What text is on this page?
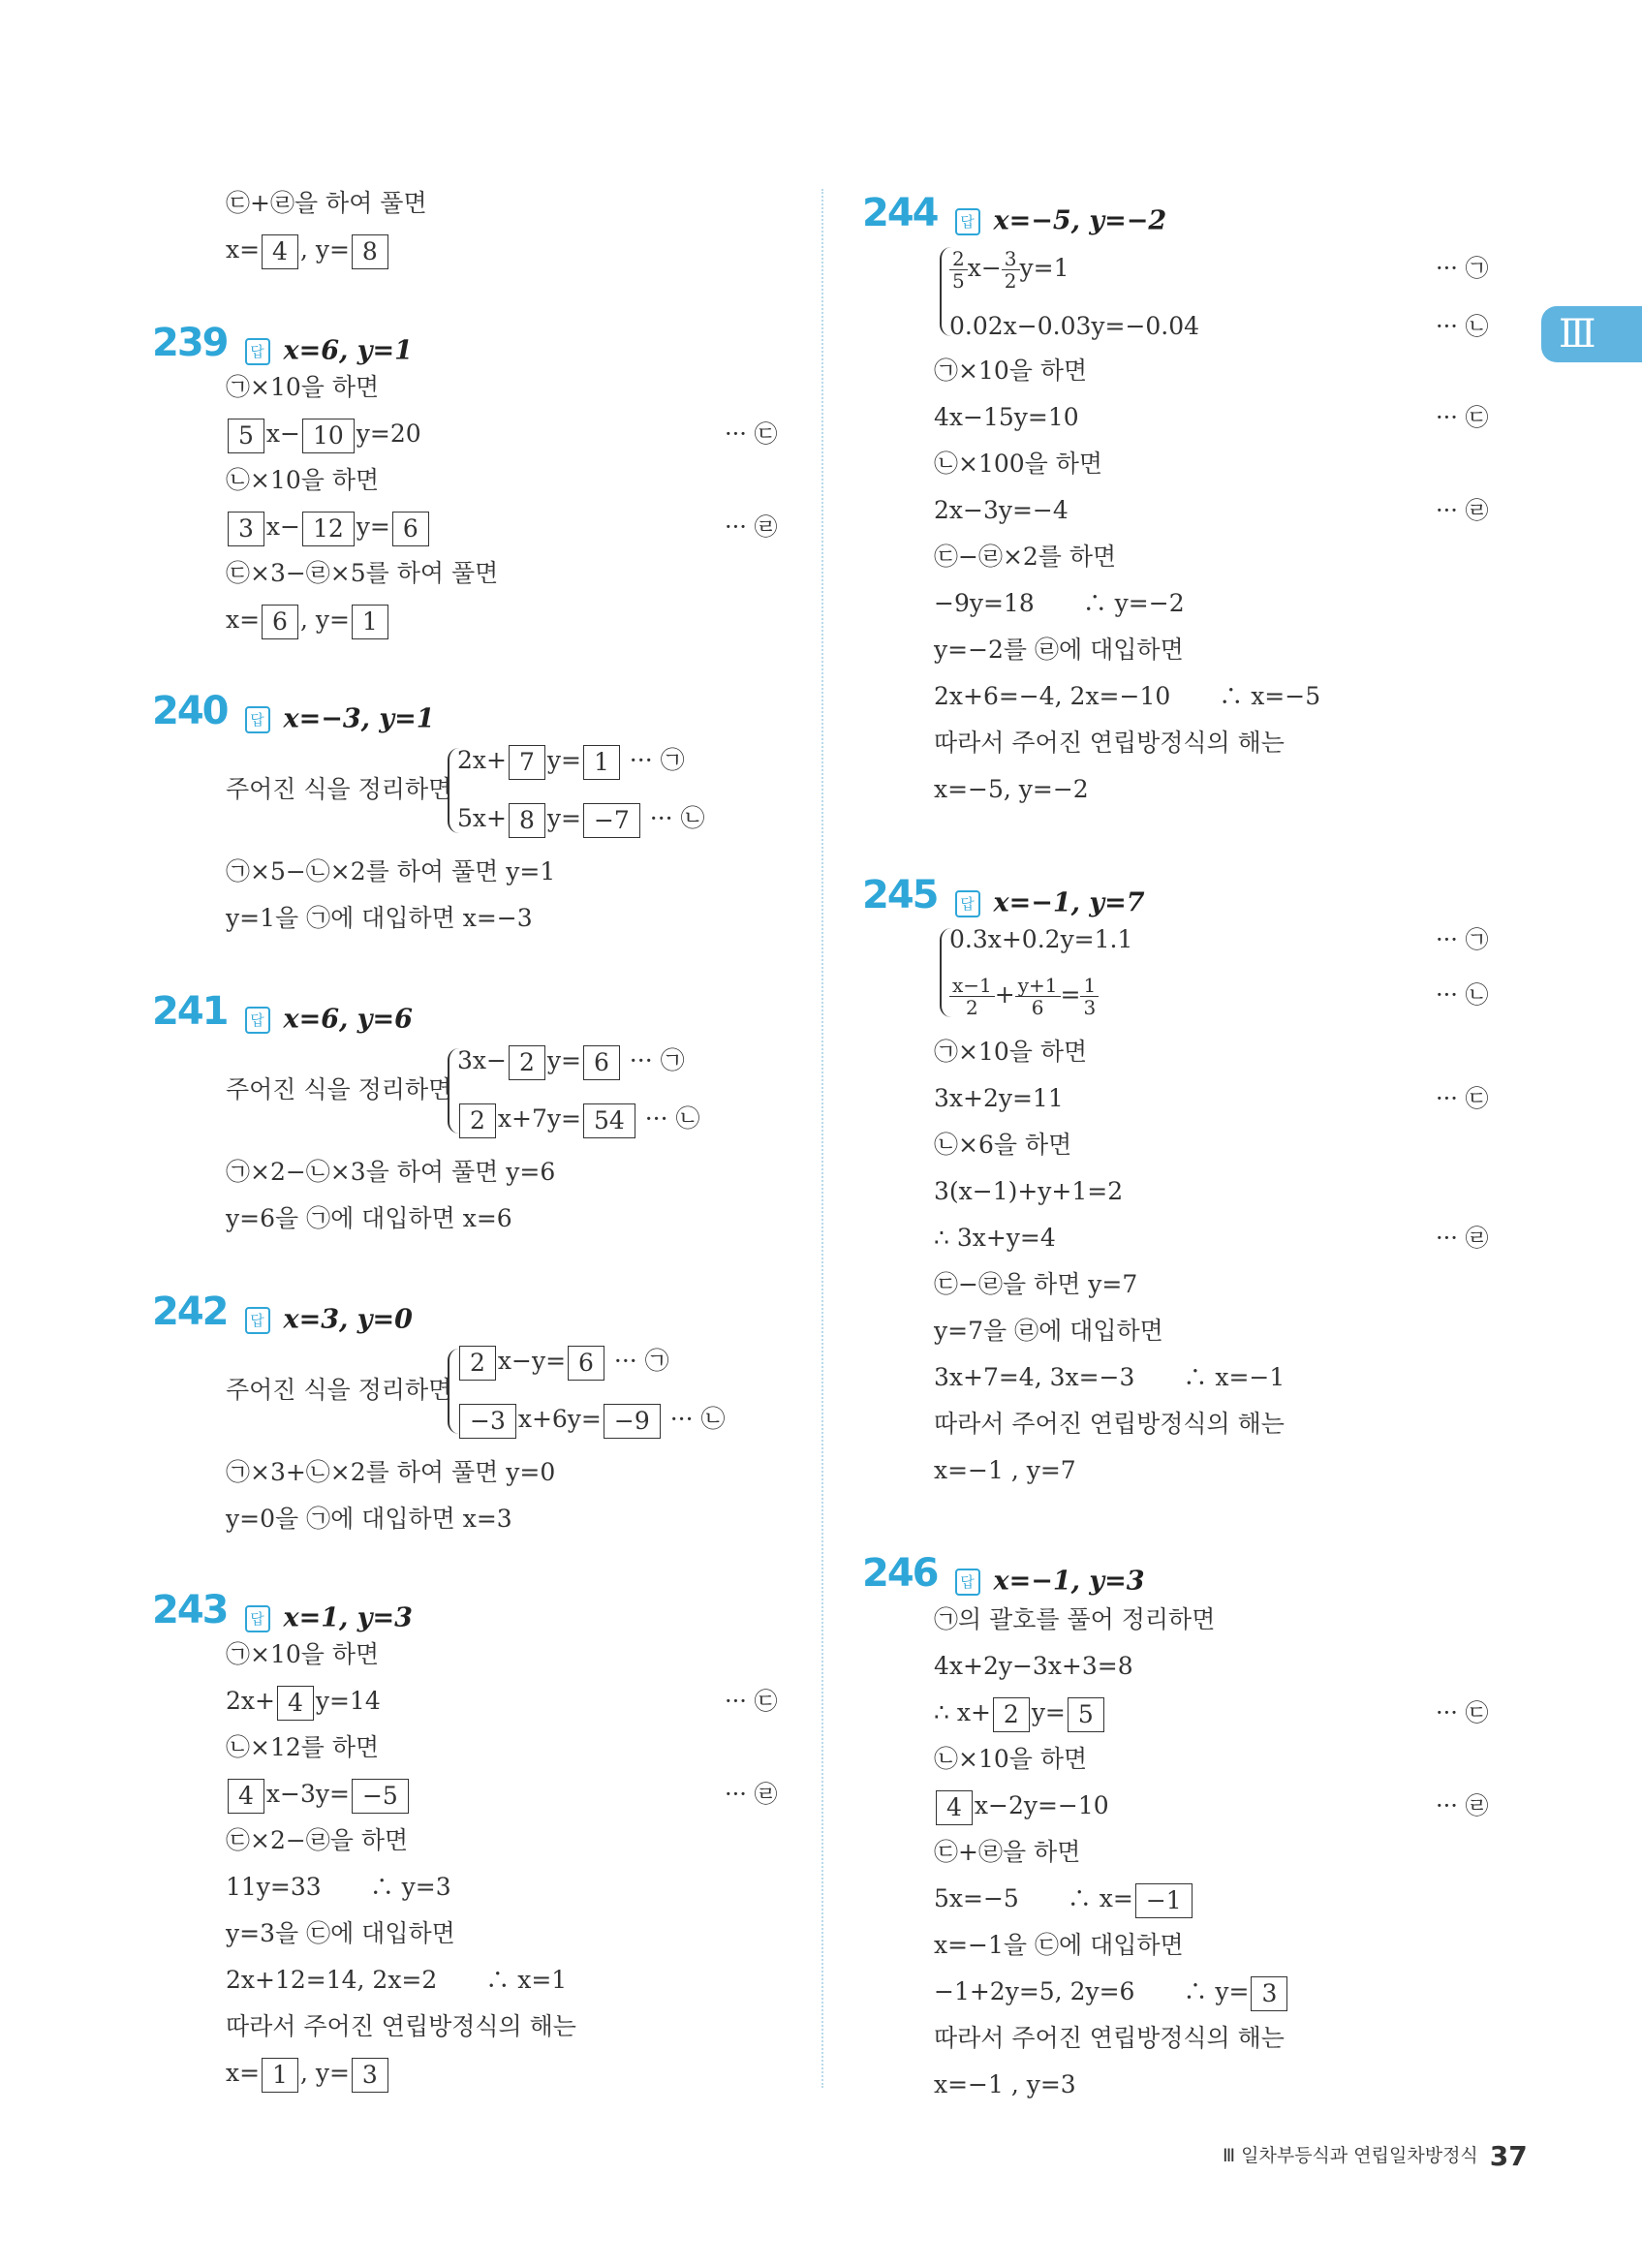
Ⅲ
㉢+㉣을 하여 풀면
x= 4 , y= 8
239 답 x=6, y=1
㉠×10을 하면
5 x− 10 y=20	··· ㉢
㉡×10을 하면
3 x− 12 y= 6	··· ㉣
㉢×3−㉣×5를 하여 풀면
x= 6 , y= 1
240 답 x=−3, y=1
주어진 식을 정리하면
2x+ 7 y= 1 ··· ㉠
5x+ 8 y= −7 ··· ㉡
㉠×5−㉡×2를 하여 풀면 y=1
y=1을 ㉠에 대입하면 x=−3
241 답 x=6, y=6
주어진 식을 정리하면
3x− 2 y= 6 ··· ㉠
2 x+7y= 54 ··· ㉡
㉠×2−㉡×3을 하여 풀면 y=6
y=6을 ㉠에 대입하면 x=6
242 답 x=3, y=0
주어진 식을 정리하면
2 x−y= 6 ··· ㉠
−3 x+6y= −9 ··· ㉡
㉠×3+㉡×2를 하여 풀면 y=0
y=0을 ㉠에 대입하면 x=3
243 답 x=1, y=3
㉠×10을 하면
2x+ 4 y=14	··· ㉢
㉡×12를 하면
4 x−3y= −5	··· ㉣
㉢×2−㉣을 하면
11y=33　　∴ y=3
y=3을 ㉢에 대입하면
2x+12=14, 2x=2　　∴ x=1
따라서 주어진 연립방정식의 해는
x= 1 , y= 3
244 답 x=−5, y=−2
$\frac{2}{5} x- \frac{3}{2} y=1$	··· ㉠
0.02x−0.03y=−0.04	··· ㉡
㉠×10을 하면
4x−15y=10	··· ㉢
㉡×100을 하면
2x−3y=−4	··· ㉣
㉢−㉣×2를 하면
−9y=18　　∴ y=−2
y=−2를 ㉣에 대입하면
2x+6=−4, 2x=−10　　∴ x=−5
따라서 주어진 연립방정식의 해는
x=−5, y=−2
245 답 x=−1, y=7
0.3x+0.2y=1.1	··· ㉠
$\frac{x-1}{2} + \frac{y+1}{6} = \frac{1}{3}$	··· ㉡
㉠×10을 하면
3x+2y=11	··· ㉢
㉡×6을 하면
3(x−1)+y+1=2
∴ 3x+y=4	··· ㉣
㉢−㉣을 하면 y=7
y=7을 ㉣에 대입하면
3x+7=4, 3x=−3　　∴ x=−1
따라서 주어진 연립방정식의 해는
x=−1 , y=7
246 답 x=−1, y=3
㉠의 괄호를 풀어 정리하면
4x+2y−3x+3=8
∴ x+ 2 y= 5	··· ㉢
㉡×10을 하면
4 x−2y=−10	··· ㉣
㉢+㉣을 하면
5x=−5　　∴ x= −1
x=−1을 ㉢에 대입하면
−1+2y=5, 2y=6　　∴ y= 3
따라서 주어진 연립방정식의 해는
x=−1 , y=3
Ⅲ 일차부등식과 연립일차방정식 37
